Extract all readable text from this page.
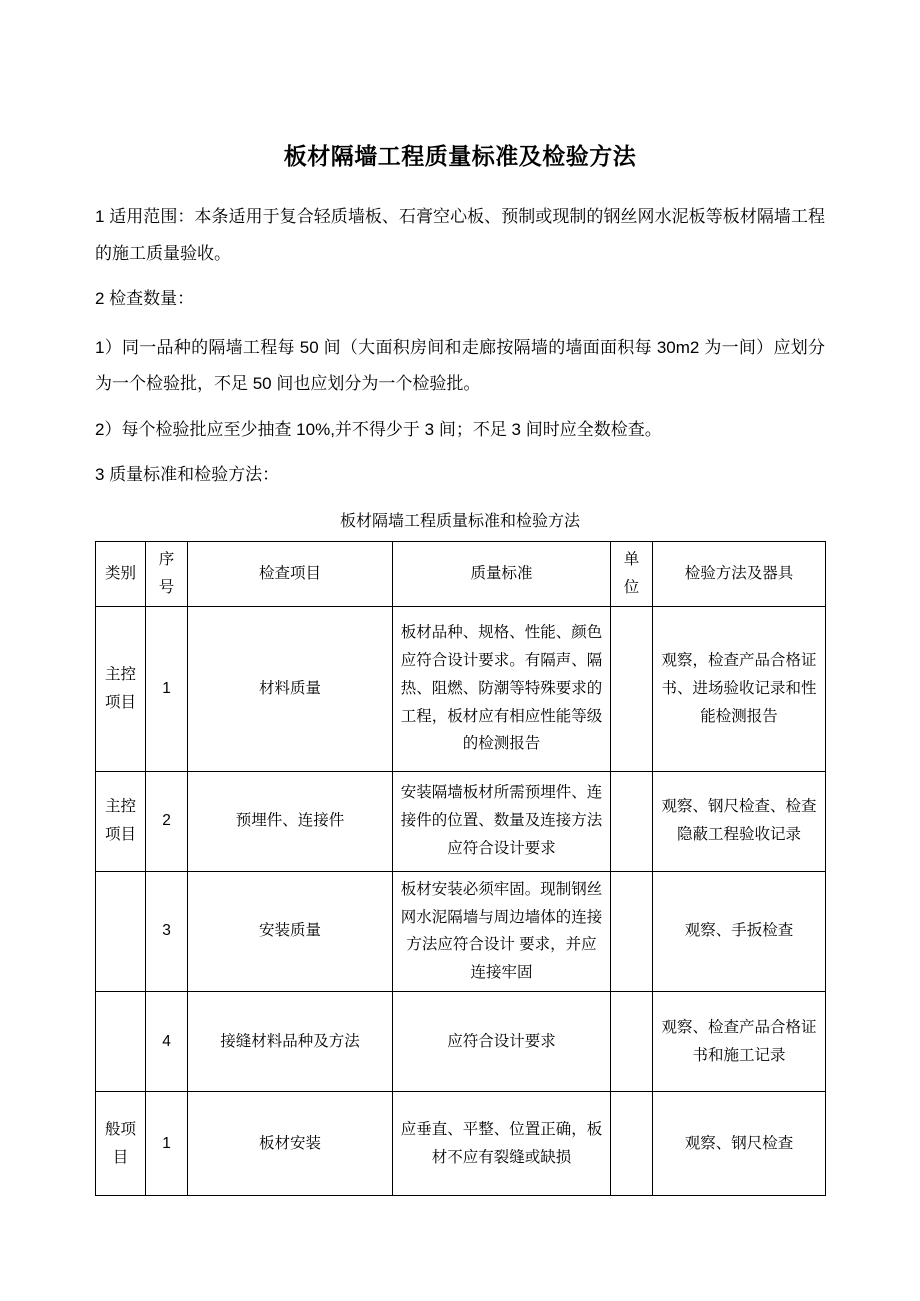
板材隔墙工程质量标准及检验方法

1 适用范围：本条适用于复合轻质墙板、石膏空心板、预制或现制的钢丝网水泥板等板材隔墙工程的施工质量验收。

2 检查数量：

1）同一品种的隔墙工程每 50 间（大面积房间和走廊按隔墙的墙面面积每 30m2 为一间）应划分为一个检验批，不足 50 间也应划分为一个检验批。

2）每个检验批应至少抽查 10%,并不得少于 3 间；不足 3 间时应全数检查。

3 质量标准和检验方法：

板材隔墙工程质量标准和检验方法
类别	序号	检查项目	质量标准	单位	检验方法及器具
主控项目	1	材料质量	板材品种、规格、性能、颜色应符合设计要求。有隔声、隔热、阻燃、防潮等特殊要求的工程，板材应有相应性能等级的检测报告		观察，检查产品合格证书、进场验收记录和性能检测报告
主控项目	2	预埋件、连接件	安装隔墙板材所需预埋件、连接件的位置、数量及连接方法应符合设计要求		观察、钢尺检查、检查隐蔽工程验收记录
	3	安装质量	板材安装必须牢固。现制钢丝网水泥隔墙与周边墙体的连接方法应符合设计 要求，并应连接牢固		观察、手扳检查
	4	接缝材料品种及方法	应符合设计要求		观察、检查产品合格证书和施工记录
般项目	1	板材安装	应垂直、平整、位置正确，板材不应有裂缝或缺损		观察、钢尺检查
